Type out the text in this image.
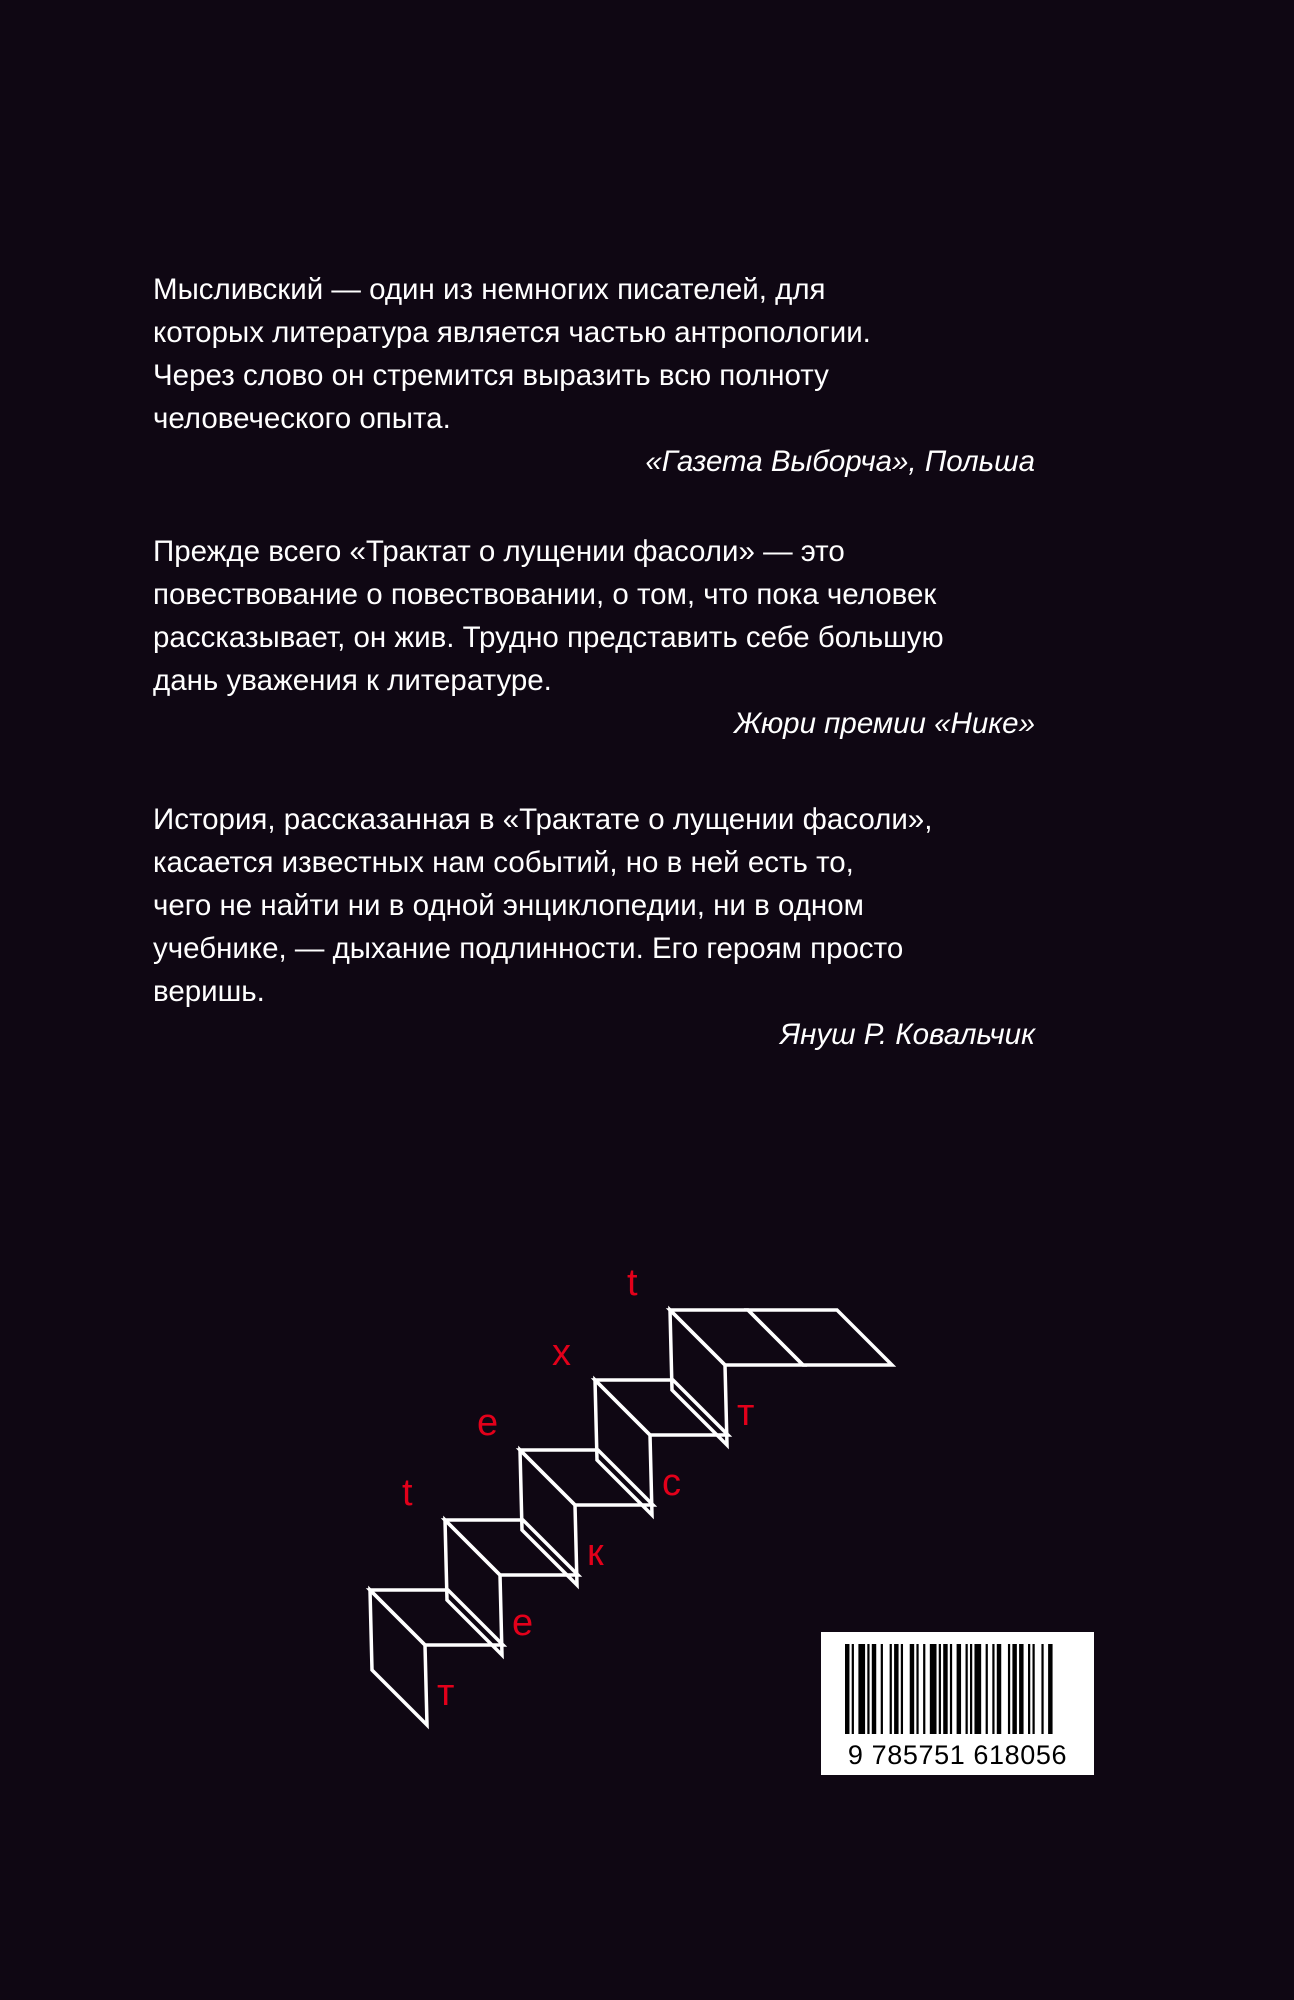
Мысливский — один из немногих писателей, для
которых литература является частью антропологии.
Через слово он стремится выразить всю полноту
человеческого опыта.

«Газета Выборча», Польша

Прежде всего «Трактат о лущении фасоли» — это
повествование о повествовании, о том, что пока человек
рассказывает, он жив. Трудно представить себе большую
дань уважения к литературе.

Жюри премии «Нике»

История, рассказанная в «Трактате о лущении фасоли»,
касается известных нам событий, но в ней есть то,
чего не найти ни в одной энциклопедии, ни в одном
учебнике, — дыхание подлинности. Его героям просто
веришь.

Януш Р. Ковальчик

t
e
x
t
т
е
к
с
т
9 785751 618056
